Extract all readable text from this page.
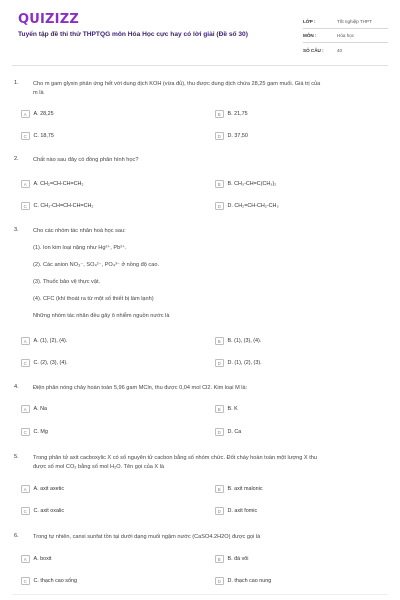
QUIZIZZ
Tuyển tập đề thi thử THPTQG môn Hóa Học cực hay có lời giải (Đề số 30)
LỚP :	Tốt nghiệp THPT
MÔN :	Hóa học
SỐ CÂU :	40
1.	Cho m gam glyxin phản ứng hết với dung dịch KOH (vừa đủ), thu được dung dịch chứa 28,25 gam muối. Giá trị của
m là
A	A. 28,25	B	B. 21,75
C	C. 18,75	D	D. 37,50
2.	Chất nào sau đây có đồng phân hình học?
A	A. CH₂=CH-CH=CH₂	B	B. CH₃-CH=C(CH₃)₂
C	C. CH₃-CH=CH-CH=CH₂	D	D. CH₂=CH-CH₂-CH₃
3.	Cho các nhóm tác nhân hoá học sau:
(1). Ion kim loại nặng như Hg²⁺, Pb²⁺.
(2). Các anion NO₃⁻, SO₄²⁻, PO₄³⁻ ở nồng độ cao.
(3). Thuốc bảo vệ thực vật.
(4). CFC (khí thoát ra từ một số thiết bị làm lạnh)
Những nhóm tác nhân đều gây ô nhiễm nguồn nước là
A	A. (1), (2), (4).	B	B. (1), (3), (4).
C	C. (2), (3), (4).	D	D. (1), (2), (3).
4.	Điện phân nóng chảy hoàn toàn 5,96 gam MCln, thu được 0,04 mol Cl2. Kim loại M là:
A	A. Na	B	B. K
C	C. Mg	D	D. Ca
5.	Trong phân tử axit cacboxylic X có số nguyên tử cacbon bằng số nhóm chức. Đốt cháy hoàn toàn một lượng X thu
được số mol CO₂ bằng số mol H₂O. Tên gọi của X là
A	A. axit axetic	B	B. axit malonic
C	C. axit oxalic	D	D. axit fomic
6.	Trong tự nhiên, canxi sunfat tồn tại dưới dạng muối ngậm nước (CaSO4.2H2O) được gọi là
A	A. boxit	B	B. đá vôi
C	C. thạch cao sống	D	D. thạch cao nung
